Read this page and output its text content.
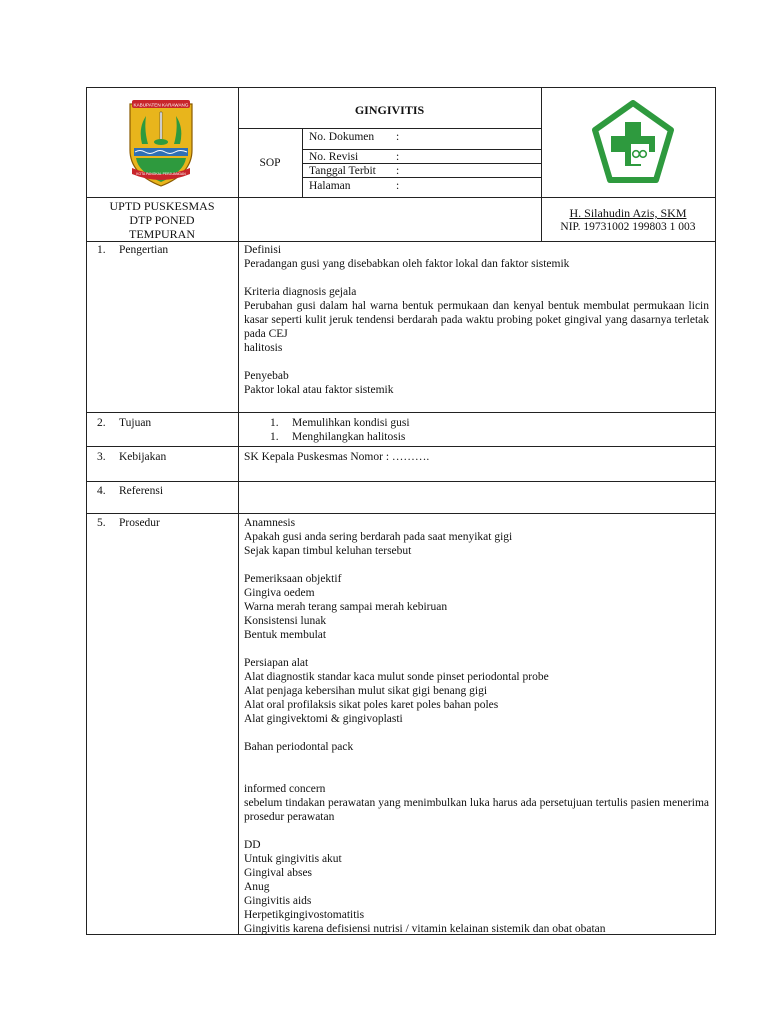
KABUPATEN KARAWANG
KOTA PANGKAL PERJUANGAN
GINGIVITIS
SOP
No. Dokumen :
No. Revisi	:
Tanggal Terbit :
Halaman	:
UPTD PUSKESMAS
DTP PONED
TEMPURAN
H. Silahudin Azis, SKM
NIP. 19731002 199803 1 003
1. Pengertian	Definisi
Peradangan gusi yang disebabkan oleh faktor lokal dan faktor sistemik
Kriteria diagnosis gejala
Perubahan gusi dalam hal warna bentuk permukaan dan kenyal bentuk membulat permukaan licin kasar seperti kulit jeruk tendensi berdarah pada waktu probing poket gingival yang dasarnya terletak pada CEJ
halitosis
Penyebab
Paktor lokal atau faktor sistemik
2. Tujuan	1. Memulihkan kondisi gusi
1. Menghilangkan halitosis
3. Kebijakan	SK Kepala Puskesmas Nomor : ……….
4. Referensi
5. Prosedur	Anamnesis
Apakah gusi anda sering berdarah pada saat menyikat gigi
Sejak kapan timbul keluhan tersebut
Pemeriksaan objektif
Gingiva oedem
Warna merah terang sampai merah kebiruan
Konsistensi lunak
Bentuk membulat
Persiapan alat
Alat diagnostik standar kaca mulut sonde pinset periodontal probe
Alat penjaga kebersihan mulut sikat gigi benang gigi
Alat oral profilaksis sikat poles karet poles bahan poles
Alat gingivektomi & gingivoplasti
Bahan periodontal pack
informed concern
sebelum tindakan perawatan yang menimbulkan luka harus ada persetujuan tertulis pasien menerima prosedur perawatan
DD
Untuk gingivitis akut
Gingival abses
Anug
Gingivitis aids
Herpetikgingivostomatitis
Gingivitis karena defisiensi nutrisi / vitamin kelainan sistemik dan obat obatan
